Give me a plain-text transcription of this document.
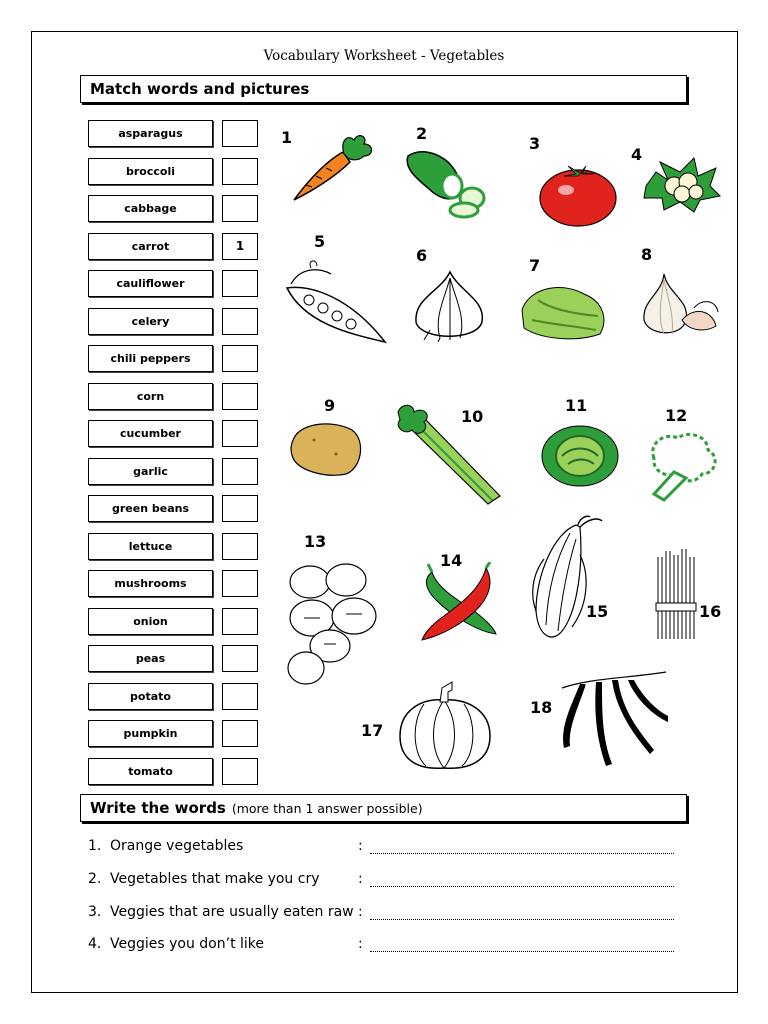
Vocabulary Worksheet - Vegetables
Match words and pictures
asparagus
broccoli
cabbage
carrot	1
cauliflower
celery
chili peppers
corn
cucumber
garlic
green beans
lettuce
mushrooms
onion
peas
potato
pumpkin
tomato
1	2
3
4
5
6
7
8
9
10
11
12
13
14
15	16
17
18
Write the words (more than 1 answer possible)
1. Orange vegetables	:
2. Vegetables that make you cry	:
3. Veggies that are usually eaten raw :
4. Veggies you don’t like	:
